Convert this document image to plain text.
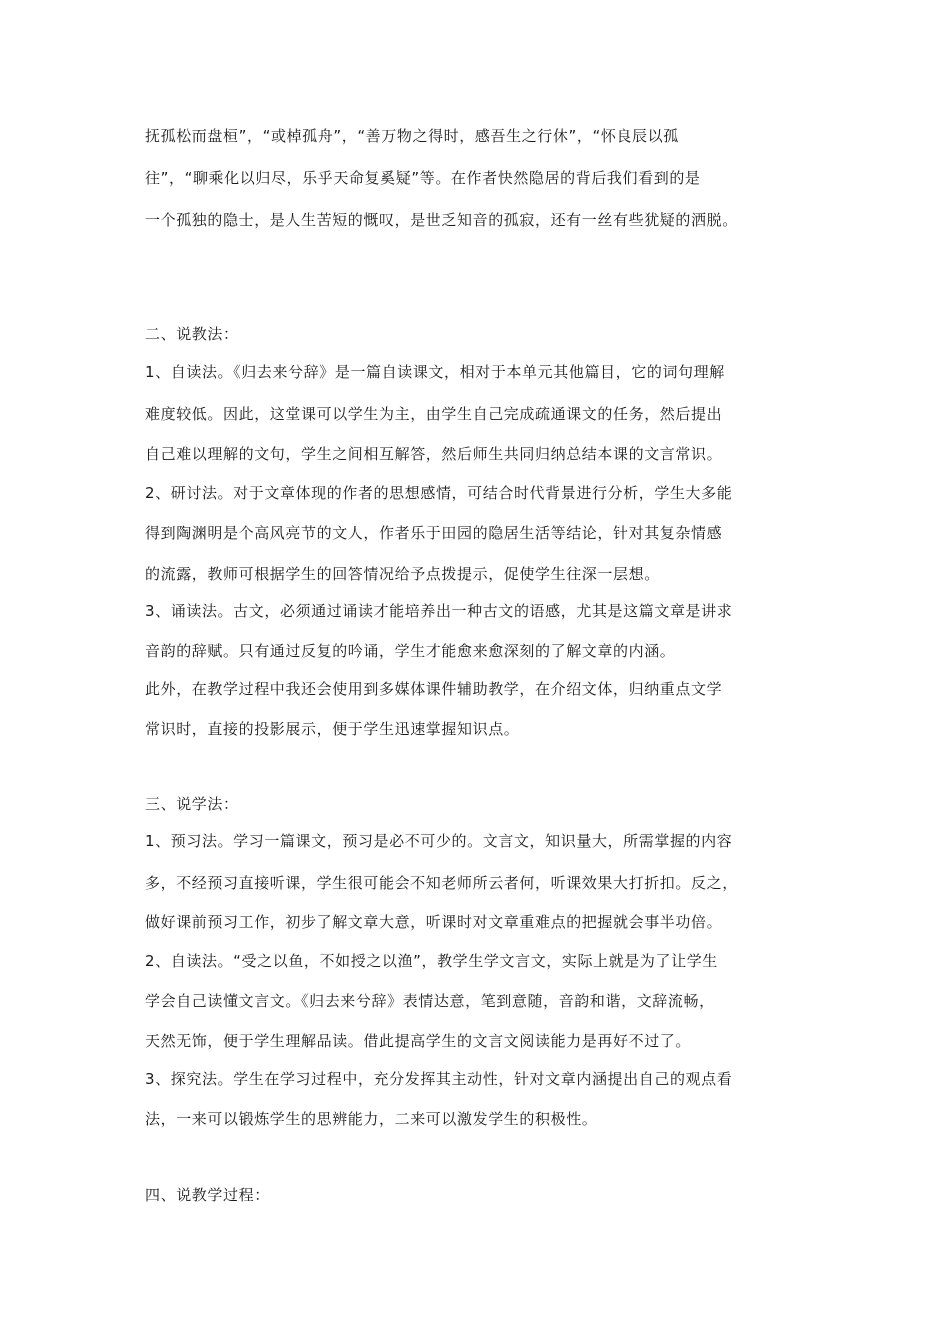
抚孤松而盘桓”，“或棹孤舟”，“善万物之得时，感吾生之行休”，“怀良辰以孤
往”，“聊乘化以归尽，乐乎天命复奚疑”等。在作者快然隐居的背后我们看到的是
一个孤独的隐士，是人生苦短的慨叹，是世乏知音的孤寂，还有一丝有些犹疑的洒脱。
二、说教法：
1、自读法。《归去来兮辞》是一篇自读课文，相对于本单元其他篇目，它的词句理解
难度较低。因此，这堂课可以学生为主，由学生自己完成疏通课文的任务，然后提出
自己难以理解的文句，学生之间相互解答，然后师生共同归纳总结本课的文言常识。
2、研讨法。对于文章体现的作者的思想感情，可结合时代背景进行分析，学生大多能
得到陶渊明是个高风亮节的文人，作者乐于田园的隐居生活等结论，针对其复杂情感
的流露，教师可根据学生的回答情况给予点拨提示，促使学生往深一层想。
3、诵读法。古文，必须通过诵读才能培养出一种古文的语感，尤其是这篇文章是讲求
音韵的辞赋。只有通过反复的吟诵，学生才能愈来愈深刻的了解文章的内涵。
此外，在教学过程中我还会使用到多媒体课件辅助教学，在介绍文体，归纳重点文学
常识时，直接的投影展示，便于学生迅速掌握知识点。
三、说学法：
1、预习法。学习一篇课文，预习是必不可少的。文言文，知识量大，所需掌握的内容
多，不经预习直接听课，学生很可能会不知老师所云者何，听课效果大打折扣。反之，
做好课前预习工作，初步了解文章大意，听课时对文章重难点的把握就会事半功倍。
2、自读法。“受之以鱼，不如授之以渔”，教学生学文言文，实际上就是为了让学生
学会自己读懂文言文。《归去来兮辞》表情达意，笔到意随，音韵和谐，文辞流畅，
天然无饰，便于学生理解品读。借此提高学生的文言文阅读能力是再好不过了。
3、探究法。学生在学习过程中，充分发挥其主动性，针对文章内涵提出自己的观点看
法，一来可以锻炼学生的思辨能力，二来可以激发学生的积极性。
四、说教学过程：
